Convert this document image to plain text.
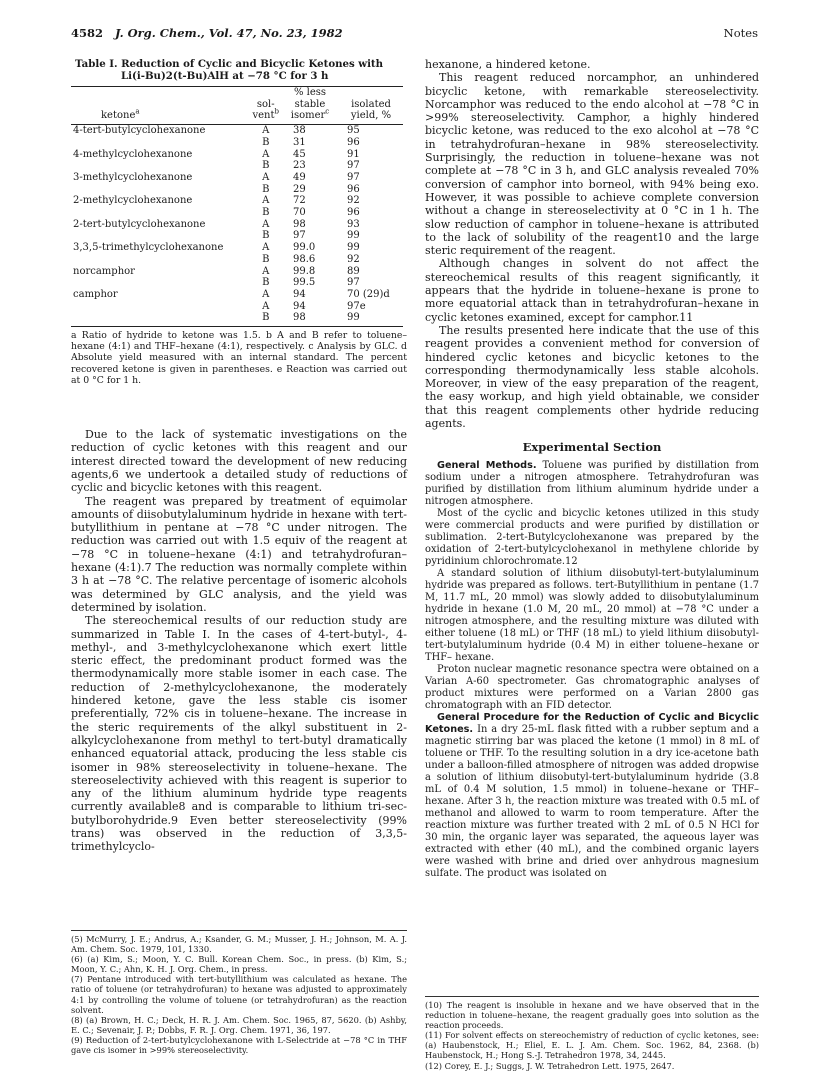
4582 J. Org. Chem., Vol. 47, No. 23, 1982	Notes
Table I. Reduction of Cyclic and Bicyclic Ketones with
Li(i-Bu)2(t-Bu)AlH at −78 °C for 3 h
		% less	
	sol-	stable	isolated
ketone$^a$	vent$^b$	isomer$^c$	yield, %
4-tert-butylcyclohexanone	A	38	95
	B	31	96
4-methylcyclohexanone	A	45	91
	B	23	97
3-methylcyclohexanone	A	49	97
	B	29	96
2-methylcyclohexanone	A	72	92
	B	70	96
2-tert-butylcyclohexanone	A	98	93
	B	97	99
3,3,5-trimethylcyclohexanone	A	99.0	99
	B	98.6	92
norcamphor	A	99.8	89
	B	99.5	97
camphor	A	94	70 (29)d
	A	94	97e
	B	98	99
a Ratio of hydride to ketone was 1.5. b A and B refer to toluene–hexane (4:1) and THF–hexane (4:1), respectively. c Analysis by GLC. d Absolute yield measured with an internal standard. The percent recovered ketone is given in parentheses. e Reaction was carried out at 0 °C for 1 h.

Due to the lack of systematic investigations on the reduction of cyclic ketones with this reagent and our interest directed toward the development of new reducing agents,6 we undertook a detailed study of reductions of cyclic and bicyclic ketones with this reagent.

The reagent was prepared by treatment of equimolar amounts of diisobutylaluminum hydride in hexane with tert-butyllithium in pentane at −78 °C under nitrogen. The reduction was carried out with 1.5 equiv of the reagent at −78 °C in toluene–hexane (4:1) and tetrahydrofuran–hexane (4:1).7 The reduction was normally complete within 3 h at −78 °C. The relative percentage of isomeric alcohols was determined by GLC analysis, and the yield was determined by isolation.

The stereochemical results of our reduction study are summarized in Table I. In the cases of 4-tert-butyl-, 4-methyl-, and 3-methylcyclohexanone which exert little steric effect, the predominant product formed was the thermodynamically more stable isomer in each case. The reduction of 2-methylcyclohexanone, the moderately hindered ketone, gave the less stable cis isomer preferentially, 72% cis in toluene–hexane. The increase in the steric requirements of the alkyl substituent in 2-alkylcyclohexanone from methyl to tert-butyl dramatically enhanced equatorial attack, producing the less stable cis isomer in 98% stereoselectivity in toluene–hexane. The stereoselectivity achieved with this reagent is superior to any of the lithium aluminum hydride type reagents currently available8 and is comparable to lithium tri-sec-butylborohydride.9 Even better stereoselectivity (99% trans) was observed in the reduction of 3,3,5-trimethylcyclo-

(5) McMurry, J. E.; Andrus, A.; Ksander, G. M.; Musser, J. H.; Johnson, M. A. J. Am. Chem. Soc. 1979, 101, 1330.

(6) (a) Kim, S.; Moon, Y. C. Bull. Korean Chem. Soc., in press. (b) Kim, S.; Moon, Y. C.; Ahn, K. H. J. Org. Chem., in press.

(7) Pentane introduced with tert-butyllithium was calculated as hexane. The ratio of toluene (or tetrahydrofuran) to hexane was adjusted to approximately 4:1 by controlling the volume of toluene (or tetrahydrofuran) as the reaction solvent.

(8) (a) Brown, H. C.; Deck, H. R. J. Am. Chem. Soc. 1965, 87, 5620. (b) Ashby, E. C.; Sevenair, J. P.; Dobbs, F. R. J. Org. Chem. 1971, 36, 197.

(9) Reduction of 2-tert-butylcyclohexanone with L-Selectride at −78 °C in THF gave cis isomer in >99% stereoselectivity.

hexanone, a hindered ketone.

This reagent reduced norcamphor, an unhindered bicyclic ketone, with remarkable stereoselectivity. Norcamphor was reduced to the endo alcohol at −78 °C in >99% stereoselectivity. Camphor, a highly hindered bicyclic ketone, was reduced to the exo alcohol at −78 °C in tetrahydrofuran–hexane in 98% stereoselectivity. Surprisingly, the reduction in toluene–hexane was not complete at −78 °C in 3 h, and GLC analysis revealed 70% conversion of camphor into borneol, with 94% being exo. However, it was possible to achieve complete conversion without a change in stereoselectivity at 0 °C in 1 h. The slow reduction of camphor in toluene–hexane is attributed to the lack of solubility of the reagent10 and the large steric requirement of the reagent.

Although changes in solvent do not affect the stereochemical results of this reagent significantly, it appears that the hydride in toluene–hexane is prone to more equatorial attack than in tetrahydrofuran–hexane in cyclic ketones examined, except for camphor.11

The results presented here indicate that the use of this reagent provides a convenient method for conversion of hindered cyclic ketones and bicyclic ketones to the corresponding thermodynamically less stable alcohols. Moreover, in view of the easy preparation of the reagent, the easy workup, and high yield obtainable, we consider that this reagent complements other hydride reducing agents.

Experimental Section

General Methods. Toluene was purified by distillation from sodium under a nitrogen atmosphere. Tetrahydrofuran was purified by distillation from lithium aluminum hydride under a nitrogen atmosphere.

Most of the cyclic and bicyclic ketones utilized in this study were commercial products and were purified by distillation or sublimation. 2-tert-Butylcyclohexanone was prepared by the oxidation of 2-tert-butylcyclohexanol in methylene chloride by pyridinium chlorochromate.12

A standard solution of lithium diisobutyl-tert-butylaluminum hydride was prepared as follows. tert-Butyllithium in pentane (1.7 M, 11.7 mL, 20 mmol) was slowly added to diisobutylaluminum hydride in hexane (1.0 M, 20 mL, 20 mmol) at −78 °C under a nitrogen atmosphere, and the resulting mixture was diluted with either toluene (18 mL) or THF (18 mL) to yield lithium diisobutyl-tert-butylaluminum hydride (0.4 M) in either toluene–hexane or THF– hexane.

Proton nuclear magnetic resonance spectra were obtained on a Varian A-60 spectrometer. Gas chromatographic analyses of product mixtures were performed on a Varian 2800 gas chromatograph with an FID detector.

General Procedure for the Reduction of Cyclic and Bicyclic Ketones. In a dry 25-mL flask fitted with a rubber septum and a magnetic stirring bar was placed the ketone (1 mmol) in 8 mL of toluene or THF. To the resulting solution in a dry ice-acetone bath under a balloon-filled atmosphere of nitrogen was added dropwise a solution of lithium diisobutyl-tert-butylaluminum hydride (3.8 mL of 0.4 M solution, 1.5 mmol) in toluene–hexane or THF–hexane. After 3 h, the reaction mixture was treated with 0.5 mL of methanol and allowed to warm to room temperature. After the reaction mixture was further treated with 2 mL of 0.5 N HCl for 30 min, the organic layer was separated, the aqueous layer was extracted with ether (40 mL), and the combined organic layers were washed with brine and dried over anhydrous magnesium sulfate. The product was isolated on

(10) The reagent is insoluble in hexane and we have observed that in the reduction in toluene–hexane, the reagent gradually goes into solution as the reaction proceeds.

(11) For solvent effects on stereochemistry of reduction of cyclic ketones, see: (a) Haubenstock, H.; Eliel, E. L. J. Am. Chem. Soc. 1962, 84, 2368. (b) Haubenstock, H.; Hong S.-J. Tetrahedron 1978, 34, 2445.

(12) Corey, E. J.; Suggs, J. W. Tetrahedron Lett. 1975, 2647.
